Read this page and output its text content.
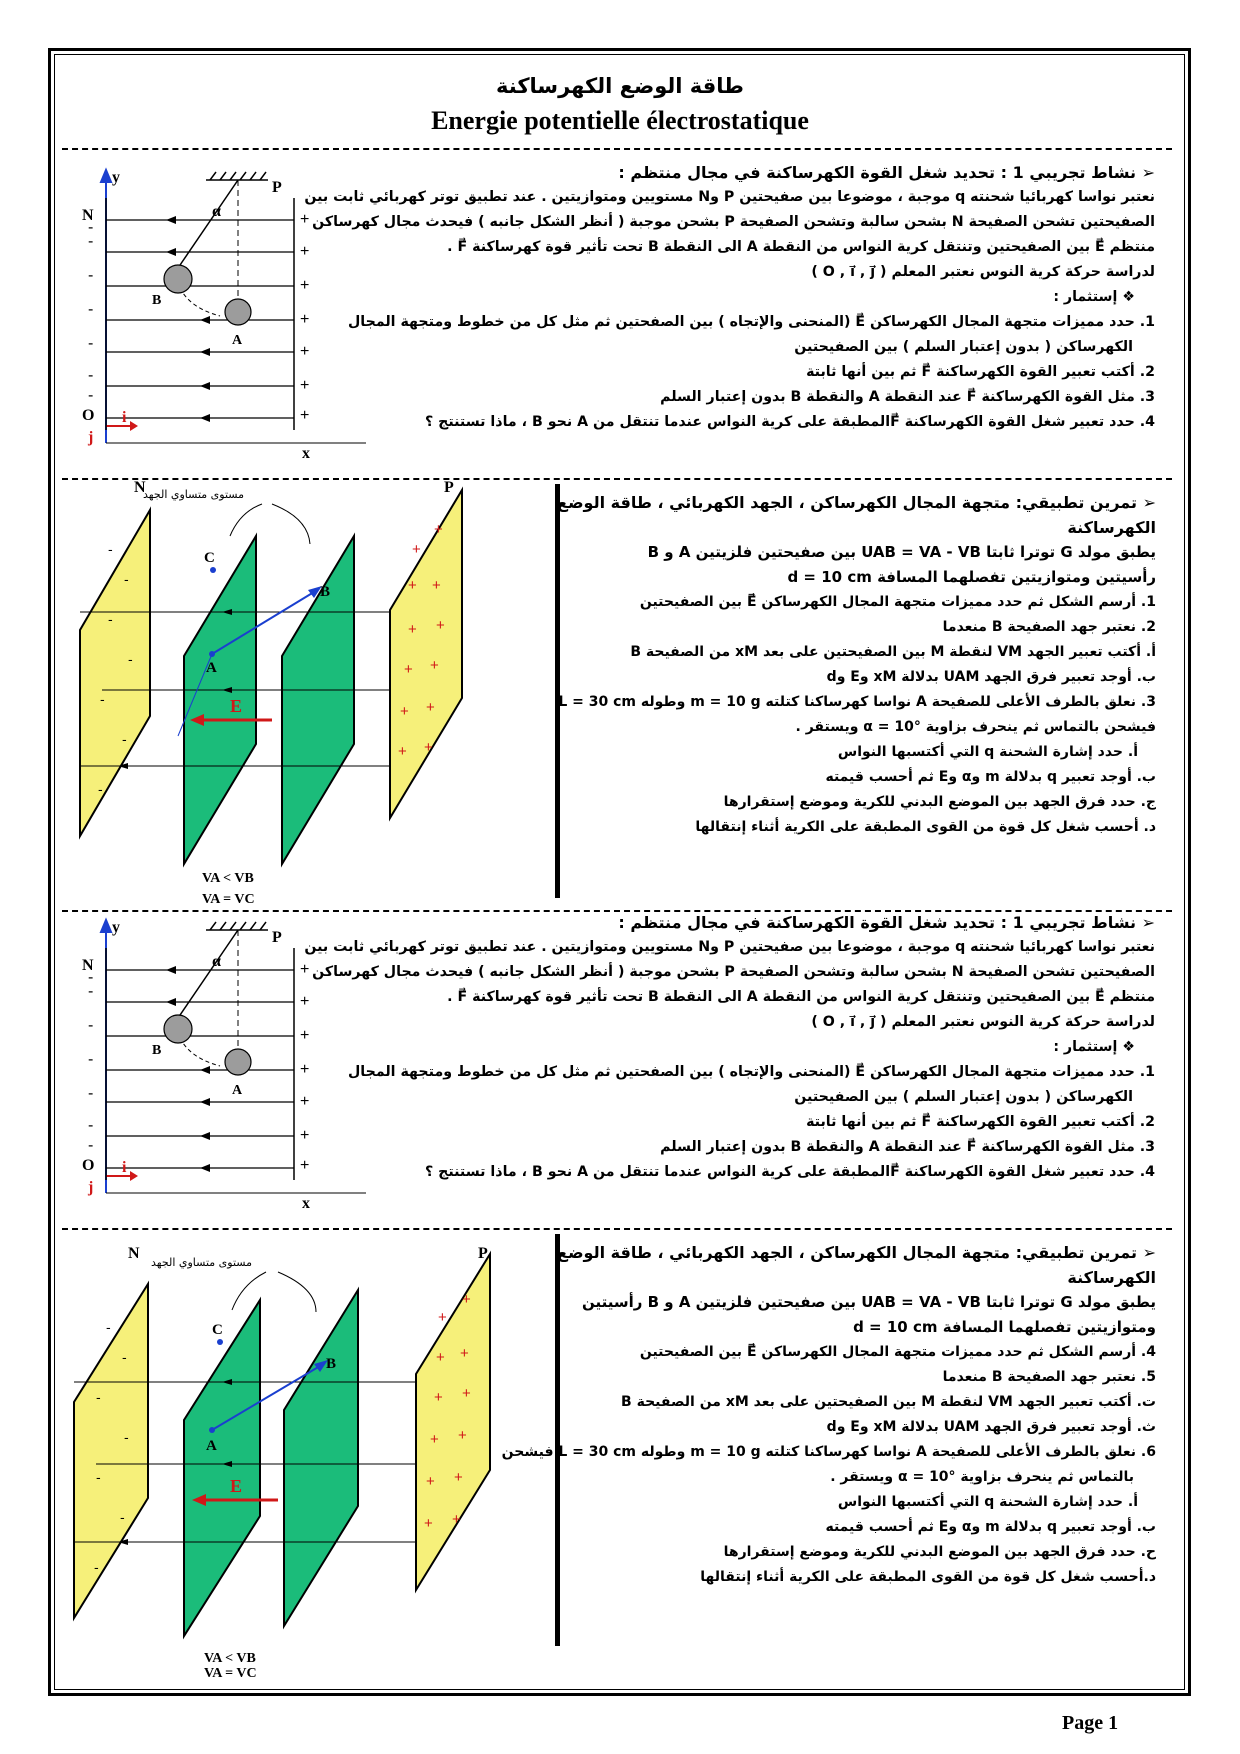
طاقة الوضع الكهرساكنة
Energie potentielle électrostatique
y
x
O
N
P
α
A
B
i
j
-
-
-
-
-
-
-	+
+
+
+
+
+
+

➢ نشاط تجريبي 1 : تحديد شغل القوة الكهرساكنة في مجال منتظم :

نعتبر نواسا كهربائيا شحنته q موجبة ، موضوعا بين صفيحتين P وN مستويين ومتوازيتين . عند تطبيق توتر كهربائي ثابت بين

الصفيحتين تشحن الصفيحة N بشحن سالبة وتشحن الصفيحة P بشحن موجبة ( أنظر الشكل جانبه ) فيحدث مجال كهرساكن

منتظم E⃗ بين الصفيحتين وتنتقل كرية النواس من النقطة A الى النقطة B تحت تأثير قوة كهرساكنة F⃗ .

لدراسة حركة كرية النوس نعتبر المعلم ( O , i⃗ , j⃗ )

❖ إستثمار :

1. حدد مميزات متجهة المجال الكهرساكن E⃗ (المنحنى والإتجاه ) بين الصفحتين ثم مثل كل من خطوط ومتجهة المجال

الكهرساكن ( بدون إعتبار السلم ) بين الصفيحتين

2. أكتب تعبير القوة الكهرساكنة F⃗ ثم بين أنها ثابتة

3. مثل القوة الكهرساكنة F⃗ عند النقطة A والنقطة B بدون إعتبار السلم

4. حدد تعبير شغل القوة الكهرساكنة F⃗المطبقة على كرية النواس عندما تنتقل من A نحو B ، ماذا تستنتج ؟

-
-
-
-
-
-
-
+
+
+ +
+ +
+ +
+ +
+ +
N	P
C
A
B
E
VA < VB
مستوى متساوي الجهد
VA = VC

➢ تمرين تطبيقي: متجهة المجال الكهرساكن ، الجهد الكهربائي ، طاقة الوضع

الكهرساكنة

يطبق مولد G توترا ثابتا UAB = VA - VB بين صفيحتين فلزيتين A و B

رأسيتين ومتوازيتين تفصلهما المسافة d = 10 cm

1. أرسم الشكل ثم حدد مميزات متجهة المجال الكهرساكن E⃗ بين الصفيحتين

2. نعتبر جهد الصفيحة B منعدما

أ. أكتب تعبير الجهد VM لنقطة M بين الصفيحتين على بعد xM من الصفيحة B

ب. أوجد تعبير فرق الجهد UAM بدلالة xM وE وd

3. نعلق بالطرف الأعلى للصفيحة A نواسا كهرساكنا كتلته m = 10 g وطوله L = 30 cm

فيشحن بالتماس ثم ينحرف بزاوية α = 10° ويستقر .

أ. حدد إشارة الشحنة q التي أكتسبها النواس

ب. أوجد تعبير q بدلالة m وα وE ثم أحسب قيمته

ج. حدد فرق الجهد بين الموضع البدني للكرية وموضع إستقرارها

د. أحسب شغل كل قوة من القوى المطبقة على الكرية أثناء إنتقالها

y
x
O
N
P
α
A
B
i
j
-
-
-
-
-
-
-
+
+
+
+
+
+
+

➢ نشاط تجريبي 1 : تحديد شغل القوة الكهرساكنة في مجال منتظم :

نعتبر نواسا كهربائيا شحنته q موجبة ، موضوعا بين صفيحتين P وN مستويين ومتوازيتين . عند تطبيق توتر كهربائي ثابت بين

الصفيحتين تشحن الصفيحة N بشحن سالبة وتشحن الصفيحة P بشحن موجبة ( أنظر الشكل جانبه ) فيحدث مجال كهرساكن

منتظم E⃗ بين الصفيحتين وتنتقل كرية النواس من النقطة A الى النقطة B تحت تأثير قوة كهرساكنة F⃗ .

لدراسة حركة كرية النوس نعتبر المعلم ( O , i⃗ , j⃗ )

❖ إستثمار :

1. حدد مميزات متجهة المجال الكهرساكن E⃗ (المنحنى والإتجاه ) بين الصفحتين ثم مثل كل من خطوط ومتجهة المجال

الكهرساكن ( بدون إعتبار السلم ) بين الصفيحتين

2. أكتب تعبير القوة الكهرساكنة F⃗ ثم بين أنها ثابتة

3. مثل القوة الكهرساكنة F⃗ عند النقطة A والنقطة B بدون إعتبار السلم

4. حدد تعبير شغل القوة الكهرساكنة F⃗المطبقة على كرية النواس عندما تنتقل من A نحو B ، ماذا تستنتج ؟

-
-
-
-
-
-
-
+
+
+ +
+ +
+ +
+ +
+ +
N	P
C
A
B
E
VA < VB
مستوى متساوي الجهد
VA = VC

➢ تمرين تطبيقي: متجهة المجال الكهرساكن ، الجهد الكهربائي ، طاقة الوضع

الكهرساكنة

يطبق مولد G توترا ثابتا UAB = VA - VB بين صفيحتين فلزيتين A و B رأسيتين

ومتوازيتين تفصلهما المسافة d = 10 cm

4. أرسم الشكل ثم حدد مميزات متجهة المجال الكهرساكن E⃗ بين الصفيحتين

5. نعتبر جهد الصفيحة B منعدما

ت. أكتب تعبير الجهد VM لنقطة M بين الصفيحتين على بعد xM من الصفيحة B

ث. أوجد تعبير فرق الجهد UAM بدلالة xM وE وd

6. نعلق بالطرف الأعلى للصفيحة A نواسا كهرساكنا كتلته m = 10 g وطوله L = 30 cm فيشحن

بالتماس ثم ينحرف بزاوية α = 10° ويستقر .

أ. حدد إشارة الشحنة q التي أكتسبها النواس

ب. أوجد تعبير q بدلالة m وα وE ثم أحسب قيمته

ح. حدد فرق الجهد بين الموضع البدني للكرية وموضع إستقرارها

د.أحسب شغل كل قوة من القوى المطبقة على الكرية أثناء إنتقالها

Page 1
